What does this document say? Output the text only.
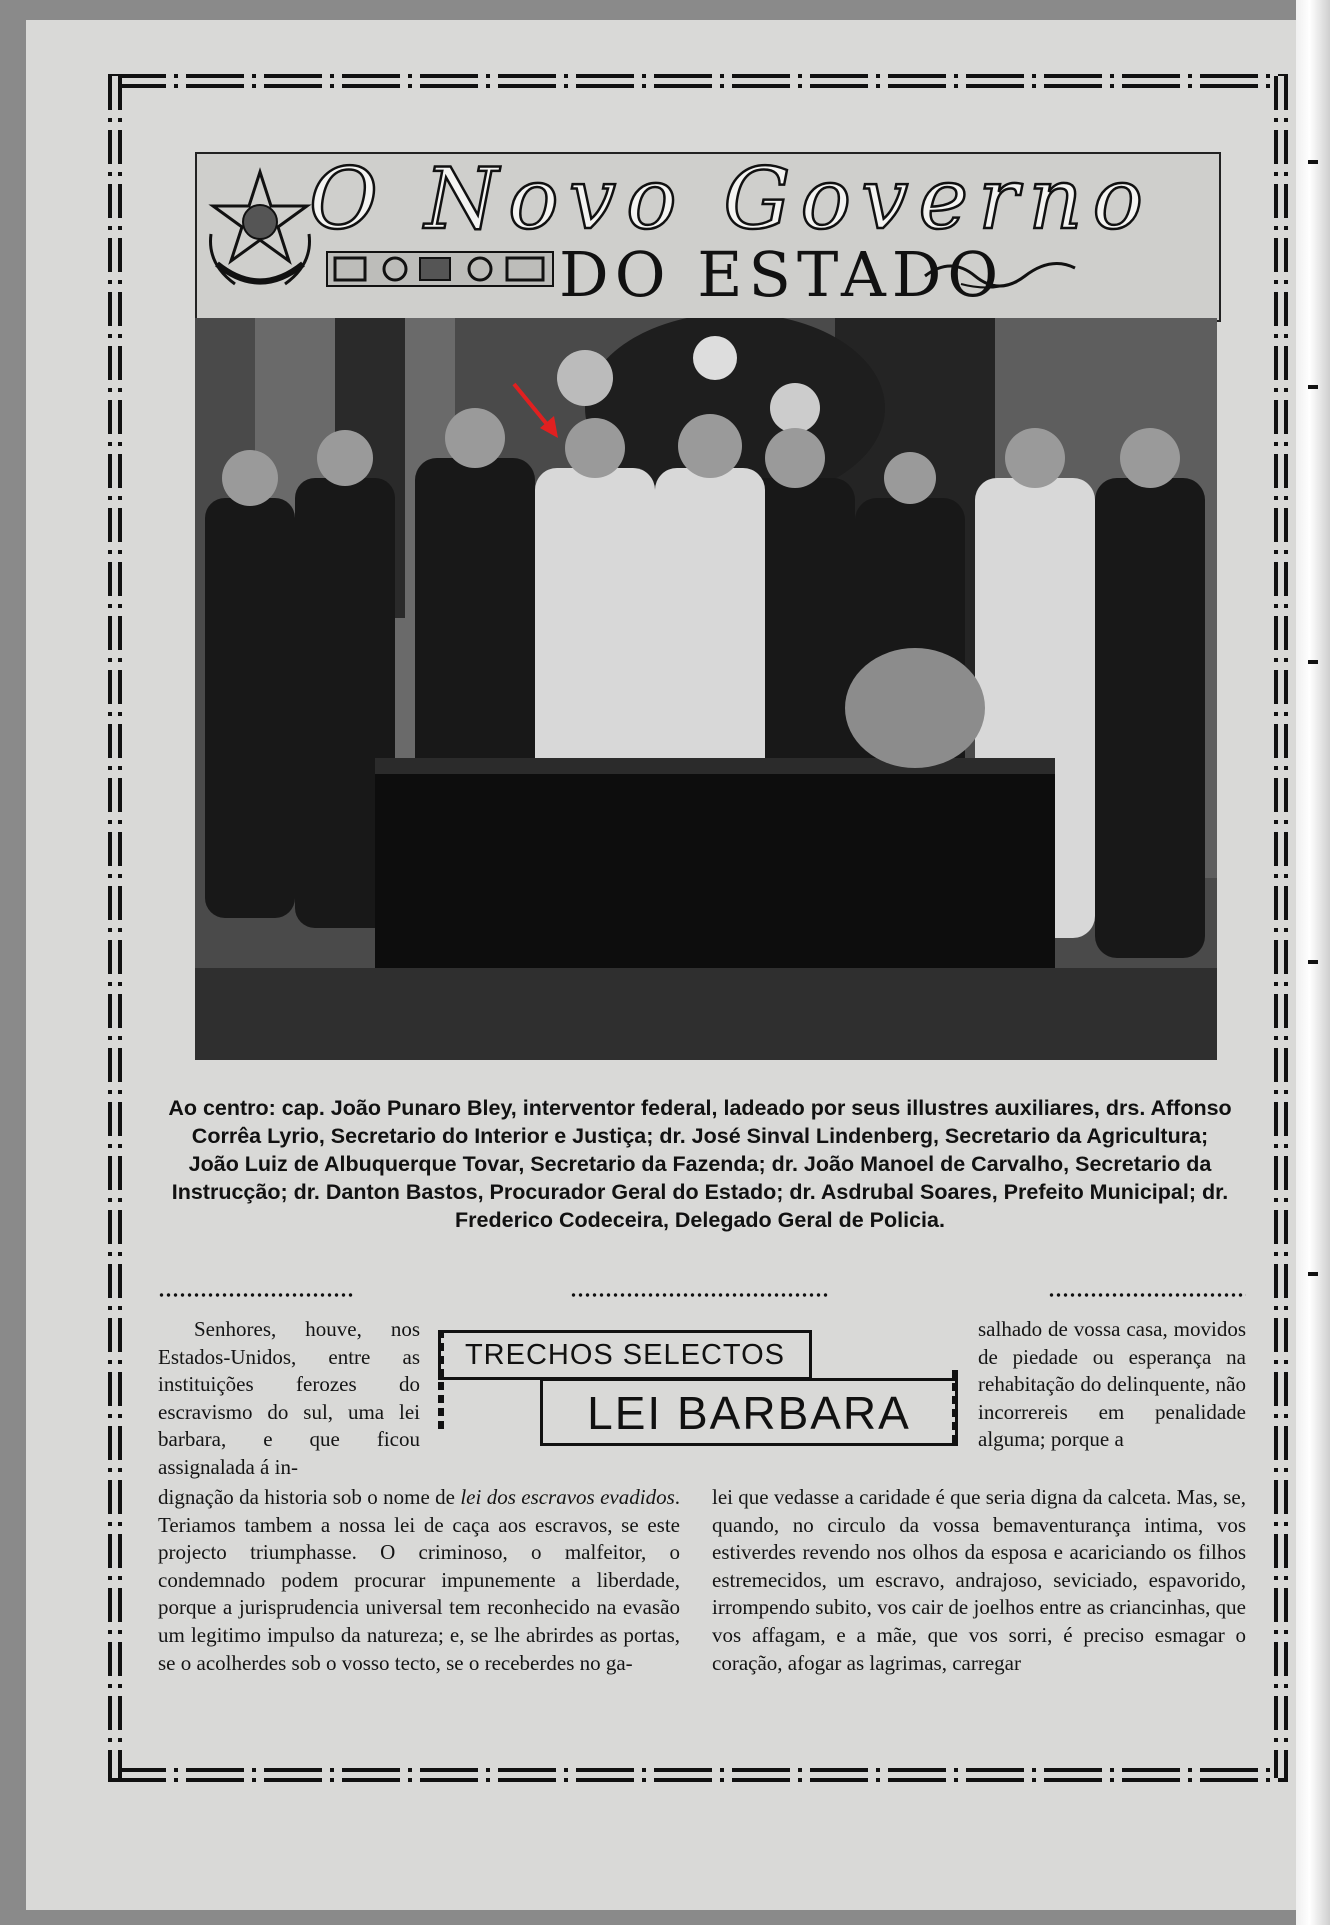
O Novo Governo
DO ESTADO
Ao centro: cap. João Punaro Bley, interventor federal, ladeado por seus illustres auxiliares, drs. Affonso Corrêa Lyrio, Secretario do Interior e Justiça; dr. José Sinval Lindenberg, Secretario da Agricultura; João Luiz de Albuquerque Tovar, Secretario da Fazenda; dr. João Manoel de Carvalho, Secretario da Instrucção; dr. Danton Bastos, Procurador Geral do Estado; dr. Asdrubal Soares, Prefeito Municipal; dr. Frederico Codeceira, Delegado Geral de Policia.
TRECHOS SELECTOS
LEI BARBARA

Senhores, houve, nos Estados-Unidos, entre as instituições ferozes do escravismo do sul, uma lei barbara, e que ficou assignalada á in-

dignação da historia sob o nome de lei dos escravos evadidos. Teriamos tambem a nossa lei de caça aos escravos, se este projecto triumphasse. O criminoso, o malfeitor, o condemnado podem procurar impunemente a liberdade, porque a jurisprudencia universal tem reconhecido na evasão um legitimo impulso da natureza; e, se lhe abrirdes as portas, se o acolherdes sob o vosso tecto, se o receberdes no ga-

salhado de vossa casa, movidos de piedade ou esperança na rehabitação do delinquente, não incorrereis em penalidade alguma; porque a

lei que vedasse a caridade é que seria digna da calceta. Mas, se, quando, no circulo da vossa bemaventurança intima, vos estiverdes revendo nos olhos da esposa e acariciando os filhos estremecidos, um escravo, andrajoso, seviciado, espavorido, irrompendo subito, vos cair de joelhos entre as criancinhas, que vos affagam, e a mãe, que vos sorri, é preciso esmagar o coração, afogar as lagrimas, carregar
